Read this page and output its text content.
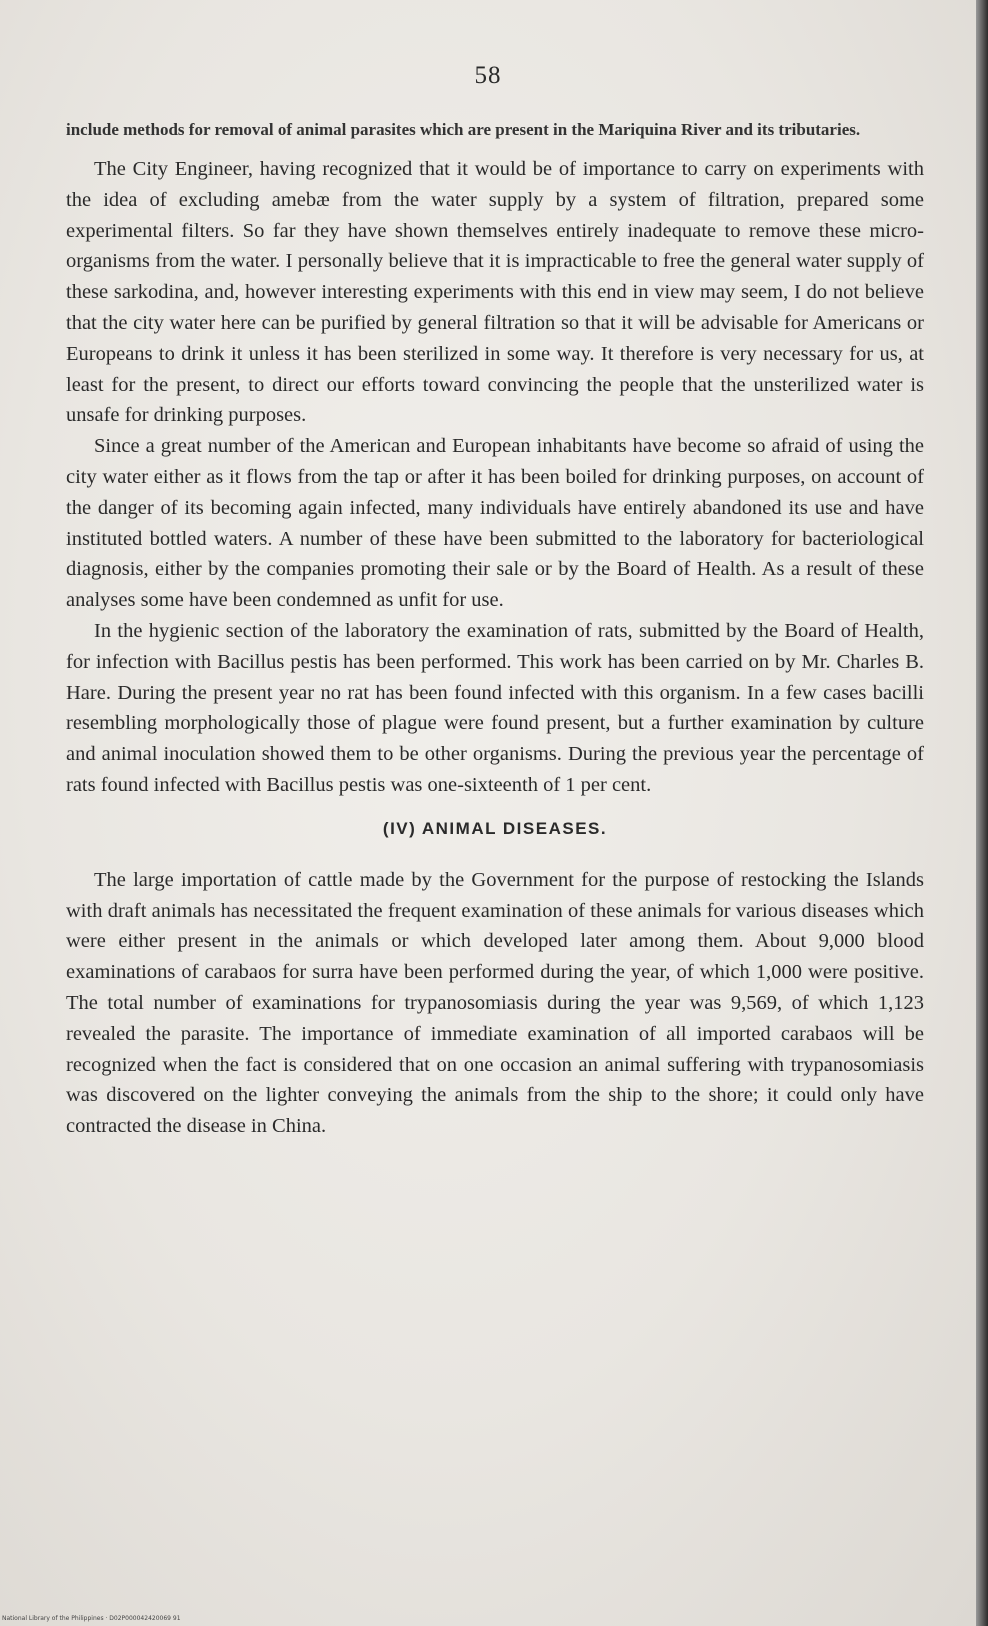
58

include methods for removal of animal parasites which are present in the Mariquina River and its tributaries.

The City Engineer, having recognized that it would be of importance to carry on experiments with the idea of excluding amebæ from the water supply by a system of filtration, prepared some experimental filters. So far they have shown themselves entirely inadequate to remove these micro-organisms from the water. I personally believe that it is impracticable to free the general water supply of these sarkodina, and, however interesting experiments with this end in view may seem, I do not believe that the city water here can be purified by general filtration so that it will be advisable for Americans or Europeans to drink it unless it has been sterilized in some way. It therefore is very necessary for us, at least for the present, to direct our efforts toward convincing the people that the unsterilized water is unsafe for drinking purposes.

Since a great number of the American and European inhabitants have become so afraid of using the city water either as it flows from the tap or after it has been boiled for drinking purposes, on account of the danger of its becoming again infected, many individuals have entirely abandoned its use and have instituted bottled waters. A number of these have been submitted to the laboratory for bacteriological diagnosis, either by the companies promoting their sale or by the Board of Health. As a result of these analyses some have been condemned as unfit for use.

In the hygienic section of the laboratory the examination of rats, submitted by the Board of Health, for infection with Bacillus pestis has been performed. This work has been carried on by Mr. Charles B. Hare. During the present year no rat has been found infected with this organism. In a few cases bacilli resembling morphologically those of plague were found present, but a further examination by culture and animal inoculation showed them to be other organisms. During the previous year the percentage of rats found infected with Bacillus pestis was one-sixteenth of 1 per cent.

(IV) ANIMAL DISEASES.

The large importation of cattle made by the Government for the purpose of restocking the Islands with draft animals has necessitated the frequent examination of these animals for various diseases which were either present in the animals or which developed later among them. About 9,000 blood examinations of carabaos for surra have been performed during the year, of which 1,000 were positive. The total number of examinations for trypanosomiasis during the year was 9,569, of which 1,123 revealed the parasite. The importance of immediate examination of all imported carabaos will be recognized when the fact is considered that on one occasion an animal suffering with trypanosomiasis was discovered on the lighter conveying the animals from the ship to the shore; it could only have contracted the disease in China.

National Library of the Philippines · D02P000042420069 91
